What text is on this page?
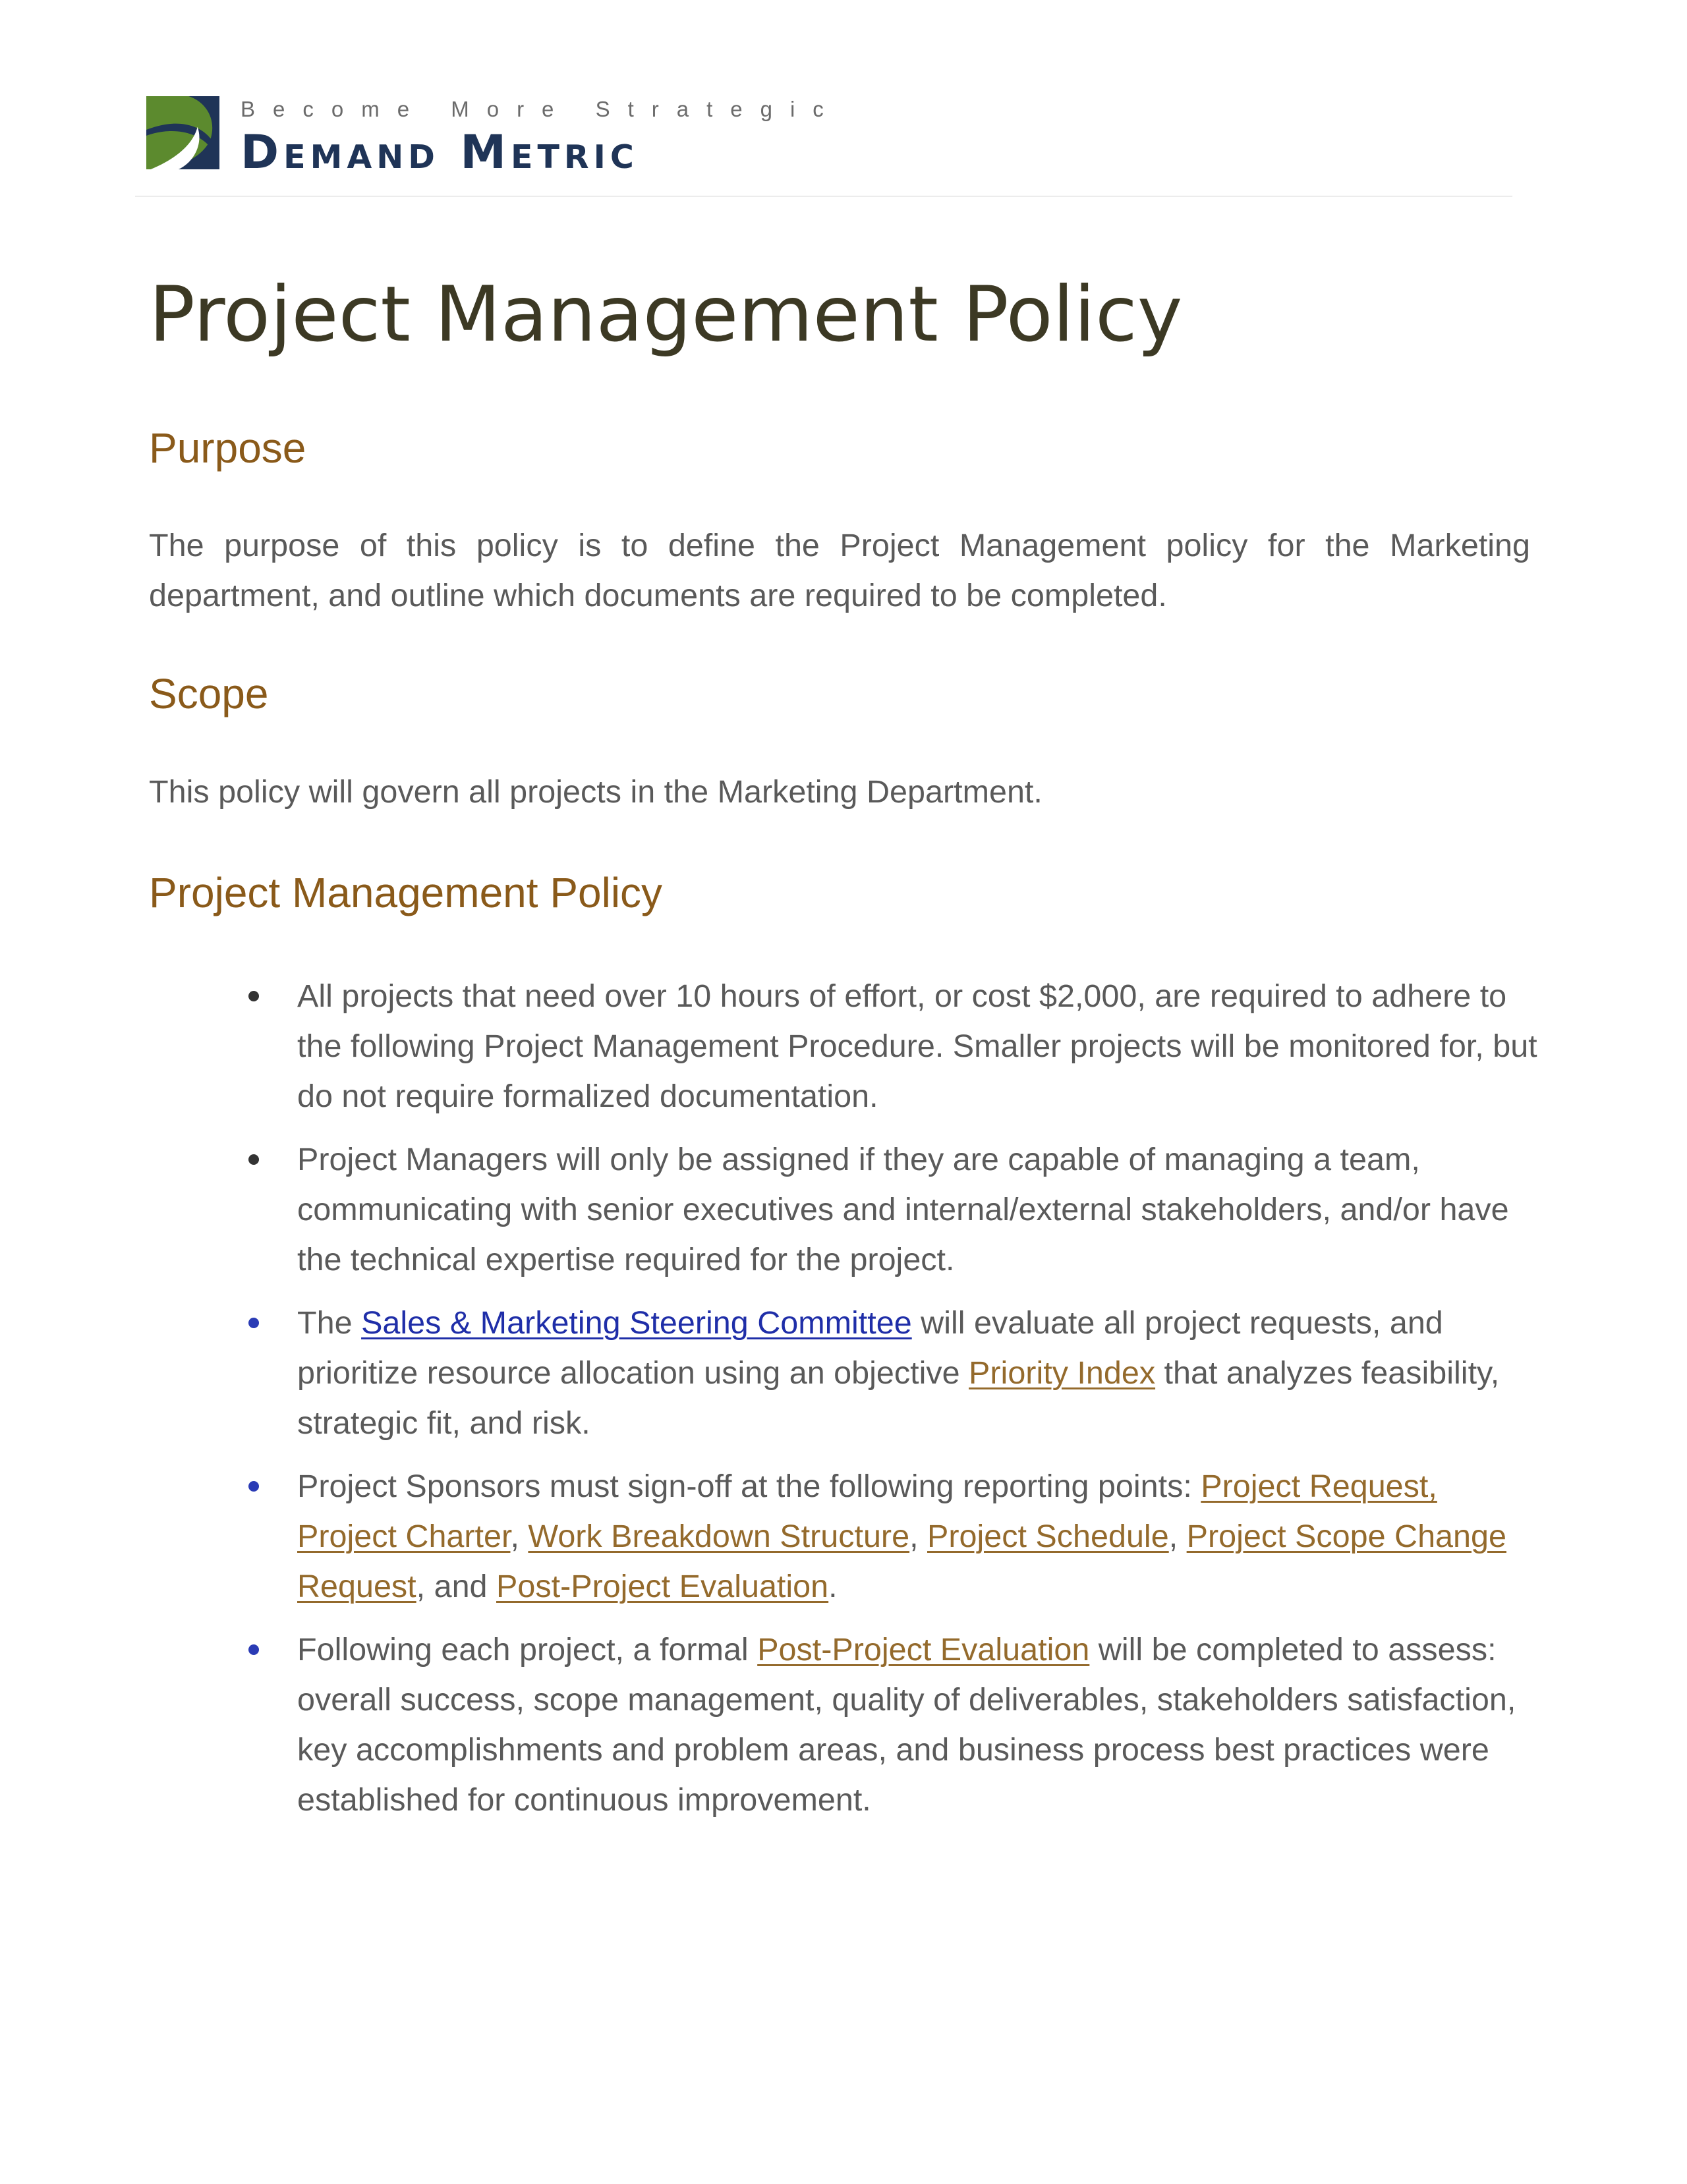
Become More Strategic
Demand Metric
Project Management Policy
Purpose

The purpose of this policy is to define the Project Management policy for the Marketing department, and outline which documents are required to be completed.

Scope

This policy will govern all projects in the Marketing Department.

Project Management Policy
All projects that need over 10 hours of effort, or cost $2,000, are required to adhere to the following Project Management Procedure. Smaller projects will be monitored for, but do not require formalized documentation.
Project Managers will only be assigned if they are capable of managing a team, communicating with senior executives and internal/external stakeholders, and/or have the technical expertise required for the project.
The Sales & Marketing Steering Committee will evaluate all project requests, and prioritize resource allocation using an objective Priority Index that analyzes feasibility, strategic fit, and risk.
Project Sponsors must sign-off at the following reporting points: Project Request, Project Charter, Work Breakdown Structure, Project Schedule, Project Scope Change Request, and Post-Project Evaluation.
Following each project, a formal Post-Project Evaluation will be completed to assess: overall success, scope management, quality of deliverables, stakeholders satisfaction, key accomplishments and problem areas, and business process best practices were established for continuous improvement.
